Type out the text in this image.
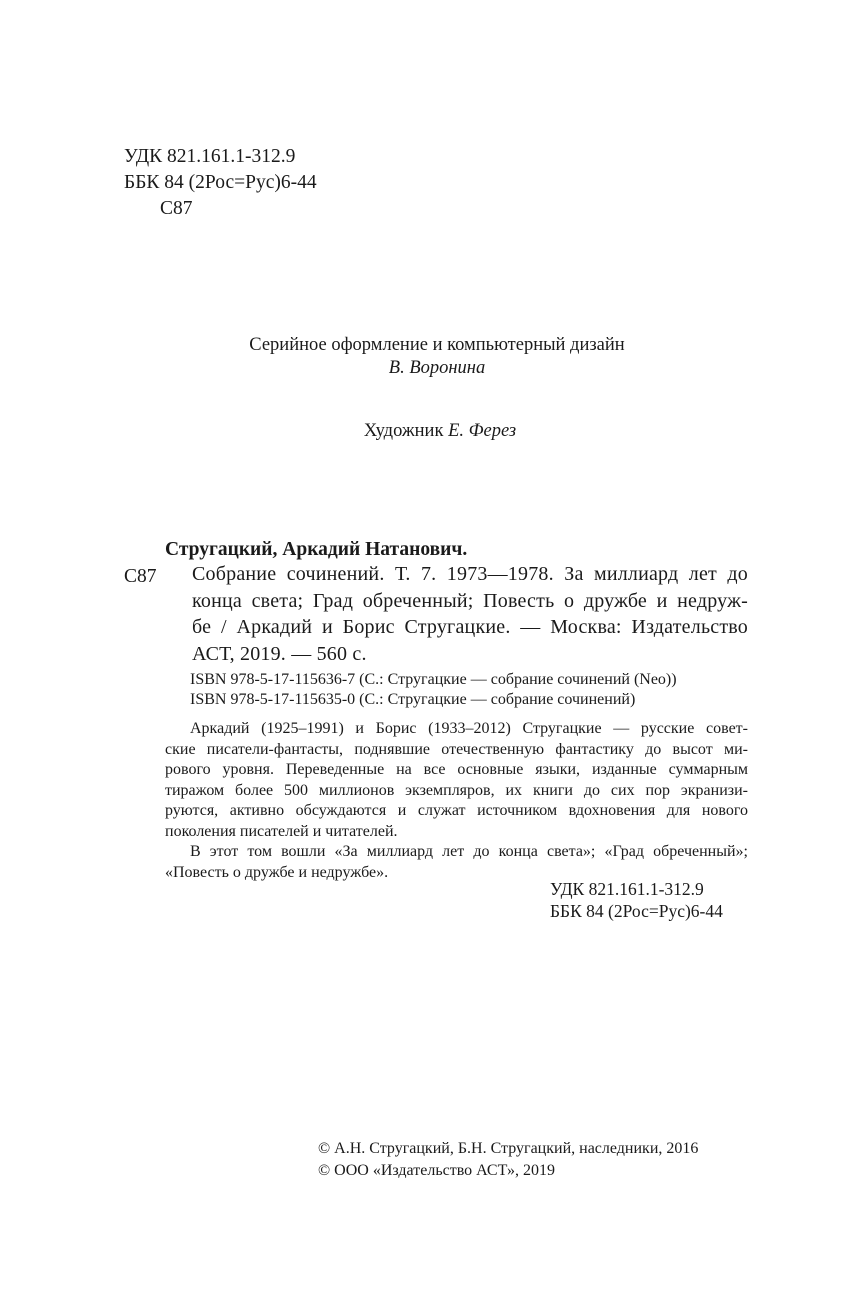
УДК 821.161.1-312.9
ББК 84 (2Рос=Рус)6-44
С87
Серийное оформление и компьютерный дизайн
В. Воронина
Художник Е. Ферез
Стругацкий, Аркадий Натанович.
С87 Собрание сочинений. Т. 7. 1973—1978. За миллиард лет до
конца света; Град обреченный; Повесть о дружбе и недруж-
бе / Аркадий и Борис Стругацкие. — Москва: Издательство
АСТ, 2019. — 560 с.
ISBN 978-5-17-115636-7 (С.: Стругацкие — собрание сочинений (Neo))
ISBN 978-5-17-115635-0 (С.: Стругацкие — собрание сочинений)
Аркадий (1925–1991) и Борис (1933–2012) Стругацкие — русские совет-
ские писатели-фантасты, поднявшие отечественную фантастику до высот ми-
рового уровня. Переведенные на все основные языки, изданные суммарным
тиражом более 500 миллионов экземпляров, их книги до сих пор экранизи-
руются, активно обсуждаются и служат источником вдохновения для нового
поколения писателей и читателей.
В этот том вошли «За миллиард лет до конца света»; «Град обреченный»;
«Повесть о дружбе и недружбе».
УДК 821.161.1-312.9
ББК 84 (2Рос=Рус)6-44
© А.Н. Стругацкий, Б.Н. Стругацкий, наследники, 2016
© ООО «Издательство АСТ», 2019
